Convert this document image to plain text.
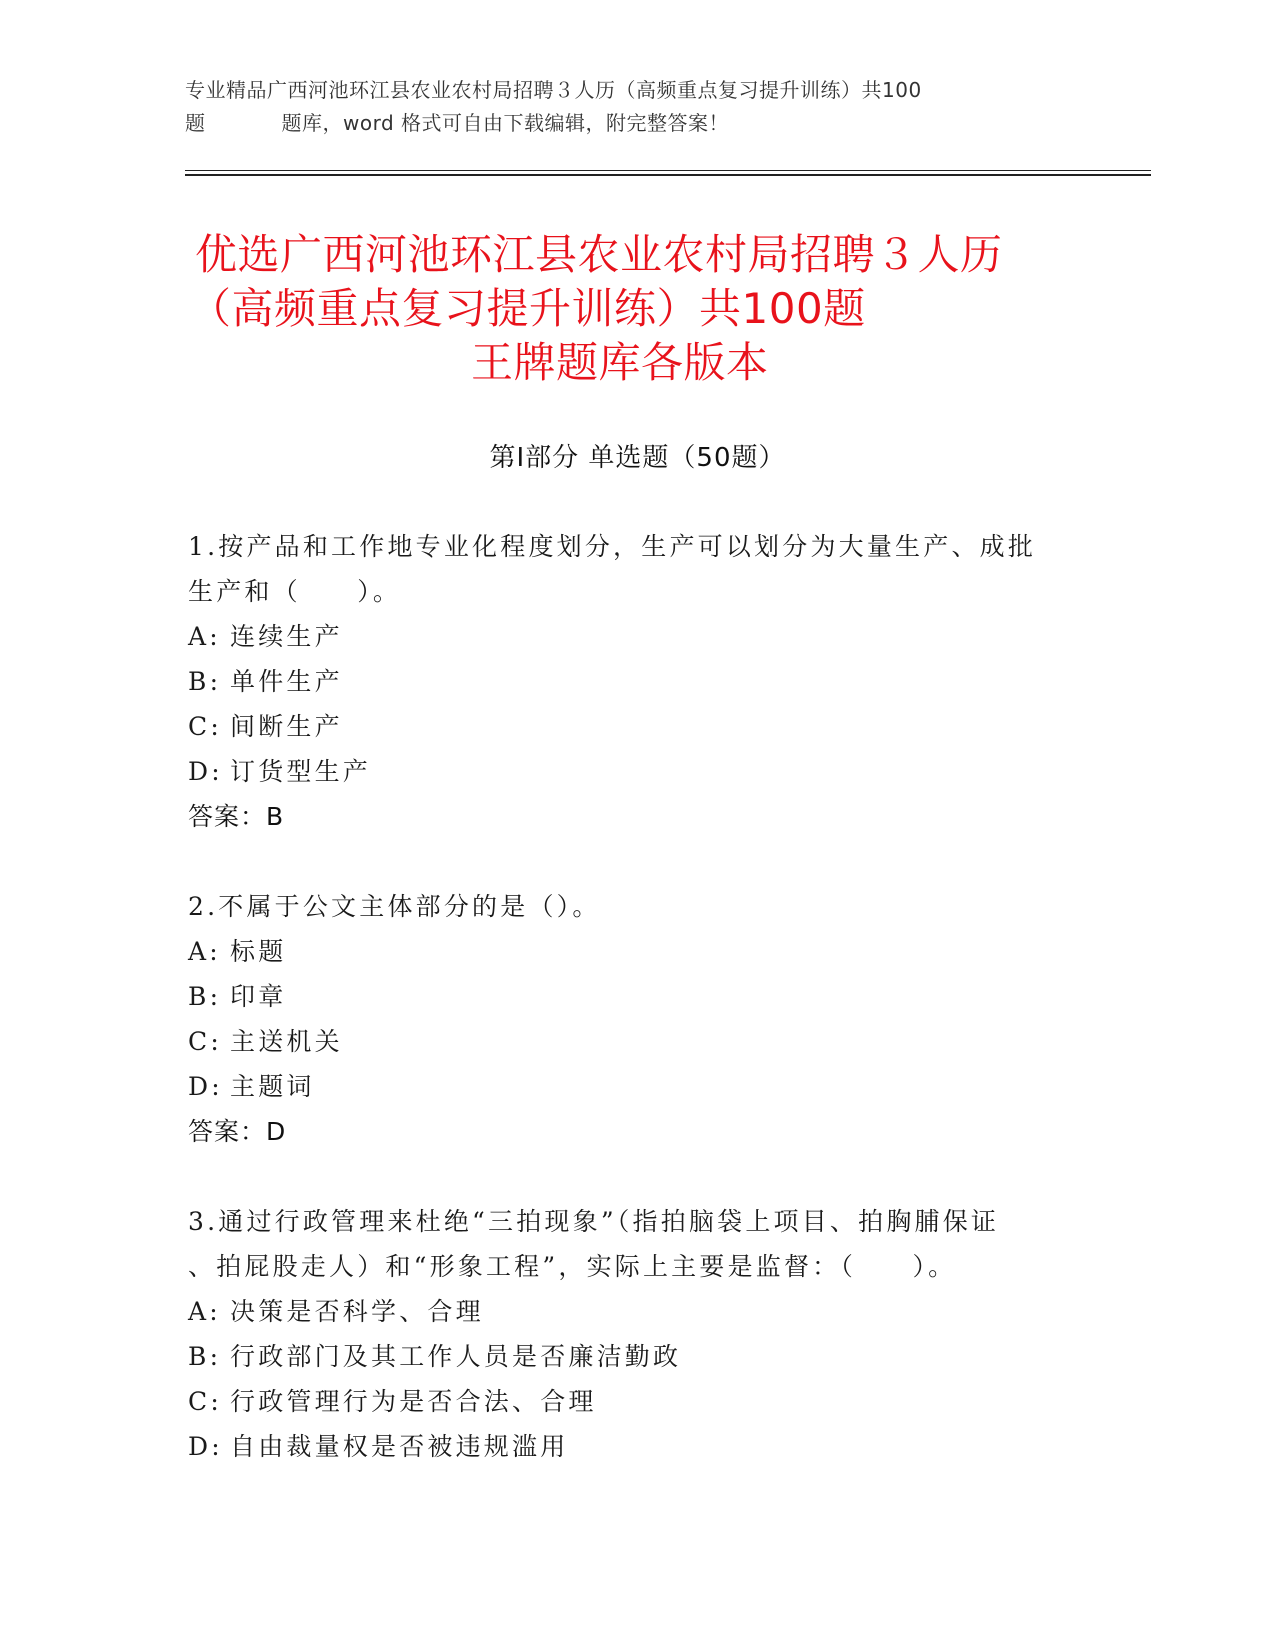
专业精品广西河池环江县农业农村局招聘３人历（高频重点复习提升训练）共100
题	题库，word 格式可自由下载编辑，附完整答案！
优选广西河池环江县农业农村局招聘３人历
（高频重点复习提升训练）共100题
王牌题库各版本
第Ⅰ部分 单选题（50题）
1.按产品和工作地专业化程度划分，生产可以划分为大量生产、成批
生产和（　　）。
A: 连续生产
B: 单件生产
C: 间断生产
D: 订货型生产
答案：B
2.不属于公文主体部分的是（）。
A: 标题
B: 印章
C: 主送机关
D: 主题词
答案：D
3.通过行政管理来杜绝“三拍现象”（指拍脑袋上项目、拍胸脯保证
、拍屁股走人）和“形象工程”，实际上主要是监督：（　　）。
A: 决策是否科学、合理
B: 行政部门及其工作人员是否廉洁勤政
C: 行政管理行为是否合法、合理
D: 自由裁量权是否被违规滥用
